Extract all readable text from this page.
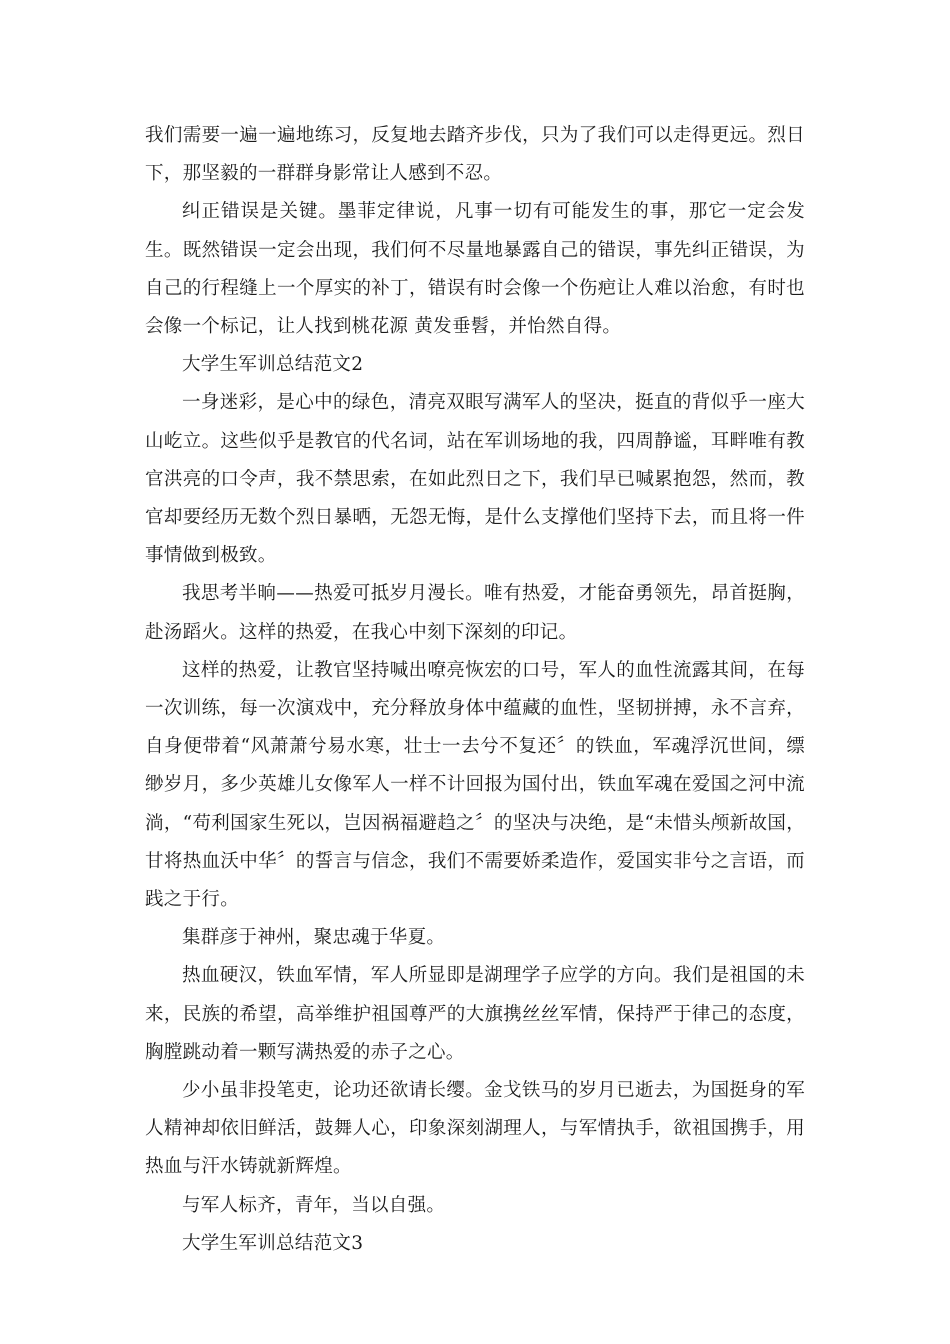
我们需要一遍一遍地练习，反复地去踏齐步伐，只为了我们可以走得更远。烈日下，那坚毅的一群群身影常让人感到不忍。

纠正错误是关键。墨菲定律说，凡事一切有可能发生的事，那它一定会发生。既然错误一定会出现，我们何不尽量地暴露自己的错误，事先纠正错误，为自己的行程缝上一个厚实的补丁，错误有时会像一个伤疤让人难以治愈，有时也会像一个标记，让人找到桃花源 黄发垂髫，并怡然自得。

大学生军训总结范文2

一身迷彩，是心中的绿色，清亮双眼写满军人的坚决，挺直的背似乎一座大山屹立。这些似乎是教官的代名词，站在军训场地的我，四周静谧，耳畔唯有教官洪亮的口令声，我不禁思索，在如此烈日之下，我们早已喊累抱怨，然而，教官却要经历无数个烈日暴晒，无怨无悔，是什么支撑他们坚持下去，而且将一件事情做到极致。

我思考半晌——热爱可抵岁月漫长。唯有热爱，才能奋勇领先，昂首挺胸，赴汤蹈火。这样的热爱，在我心中刻下深刻的印记。

这样的热爱，让教官坚持喊出嘹亮恢宏的口号，军人的血性流露其间，在每一次训练，每一次演戏中，充分释放身体中蕴藏的血性，坚韧拼搏，永不言弃，自身便带着“风萧萧兮易水寒，壮士一去兮不复还〞的铁血，军魂浮沉世间，缥缈岁月，多少英雄儿女像军人一样不计回报为国付出，铁血军魂在爱国之河中流淌，“苟利国家生死以，岂因祸福避趋之〞的坚决与决绝，是“未惜头颅新故国，甘将热血沃中华〞的誓言与信念，我们不需要娇柔造作，爱国实非兮之言语，而践之于行。

集群彦于神州，聚忠魂于华夏。

热血硬汉，铁血军情，军人所显即是湖理学子应学的方向。我们是祖国的未来，民族的希望，高举维护祖国尊严的大旗携丝丝军情，保持严于律己的态度，胸膛跳动着一颗写满热爱的赤子之心。

少小虽非投笔吏，论功还欲请长缨。金戈铁马的岁月已逝去，为国挺身的军人精神却依旧鲜活，鼓舞人心，印象深刻湖理人，与军情执手，欲祖国携手，用热血与汗水铸就新辉煌。

与军人标齐，青年，当以自强。

大学生军训总结范文3
